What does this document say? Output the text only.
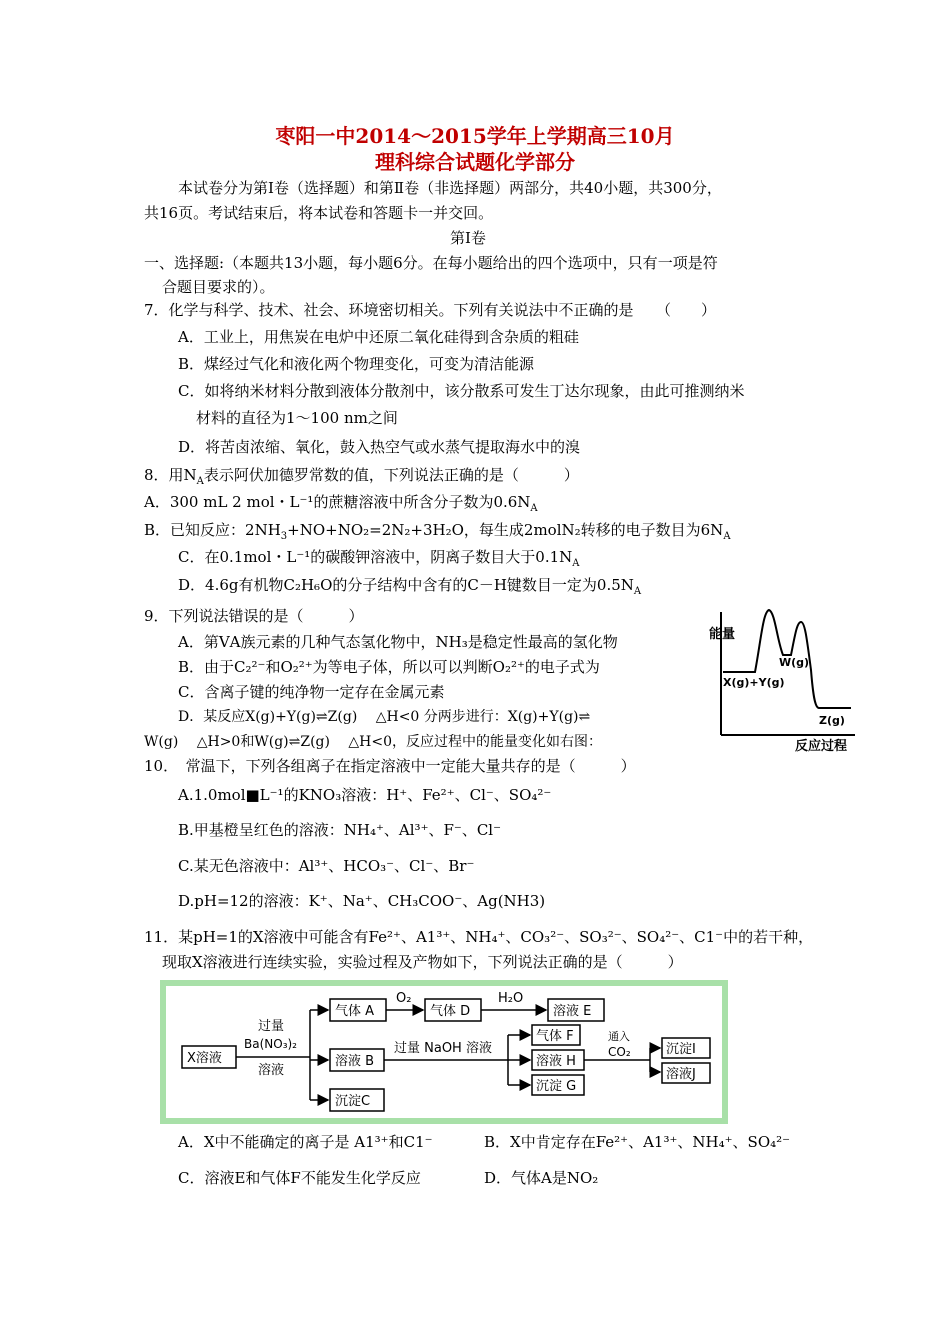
枣阳一中2014～2015学年上学期高三10月
理科综合试题化学部分
本试卷分为第Ⅰ卷（选择题）和第Ⅱ卷（非选择题）两部分，共40小题，共300分，
共16页。考试结束后，将本试卷和答题卡一并交回。
第Ⅰ卷
一、选择题:（本题共13小题，每小题6分。在每小题给出的四个选项中，只有一项是符
合题目要求的）。
7．化学与科学、技术、社会、环境密切相关。下列有关说法中不正确的是　　（　　）
A．工业上，用焦炭在电炉中还原二氧化硅得到含杂质的粗硅
B．煤经过气化和液化两个物理变化，可变为清洁能源
C．如将纳米材料分散到液体分散剂中，该分散系可发生丁达尔现象，由此可推测纳米
材料的直径为1～100 nm之间
D．将苦卤浓缩、氧化，鼓入热空气或水蒸气提取海水中的溴
8．用$N_A$表示阿伏加德罗常数的值，下列说法正确的是（　　　）
A．300 mL 2 mol・L⁻¹的蔗糖溶液中所含分子数为$0.6N_A$
B．已知反应：$2NH_3+NO+NO_2=2N_2+3H_2O$，每生成2molN₂转移的电子数目为$6N_A$
C．在0.1mol・L⁻¹的碳酸钾溶液中，阴离子数目大于$0.1N_A$
D．4.6g有机物C₂H₆O的分子结构中含有的C－H键数目一定为$0.5N_A$
9．下列说法错误的是（　　　）
A．第ⅤA族元素的几种气态氢化物中，NH₃是稳定性最高的氢化物
B．由于C₂²⁻和O₂²⁺为等电子体，所以可以判断O₂²⁺的电子式为
C．含离子键的纯净物一定存在金属元素
D．某反应X(g)+Y(g)⇌Z(g)　 △H<0 分两步进行：X(g)+Y(g)⇌
W(g)　 △H>0和W(g)⇌Z(g)　 △H<0，反应过程中的能量变化如右图：
能量
X(g)+Y(g)
W(g)
Z(g)
反应过程
10．　常温下，下列各组离子在指定溶液中一定能大量共存的是（　　　）
A.1.0mol■L⁻¹的KNO₃溶液：H⁺、Fe²⁺、Cl⁻、SO₄²⁻
B.甲基橙呈红色的溶液：NH₄⁺、Al³⁺、F⁻、Cl⁻
C.某无色溶液中：Al³⁺、HCO₃⁻、Cl⁻、Br⁻
D.pH=12的溶液：K⁺、Na⁺、CH₃COO⁻、Ag(NH3)
11．某pH=1的X溶液中可能含有Fe²⁺、A1³⁺、NH₄⁺、CO₃²⁻、SO₃²⁻、SO₄²⁻、C1⁻中的若干种，
现取X溶液进行连续实验，实验过程及产物如下，下列说法正确的是（　　　）
X溶液
过量
Ba(NO₃)₂
溶液
气体 A
O₂
气体 D
H₂O
溶液 E
溶液 B
过量 NaOH 溶液
气体 F
溶液 H
沉淀 G
通入
CO₂	沉淀Ⅰ
溶液J
沉淀C
A．X中不能确定的离子是 A1³⁺和C1⁻	B．X中肯定存在Fe²⁺、A1³⁺、NH₄⁺、SO₄²⁻
C．溶液E和气体F不能发生化学反应	D．气体A是NO₂
